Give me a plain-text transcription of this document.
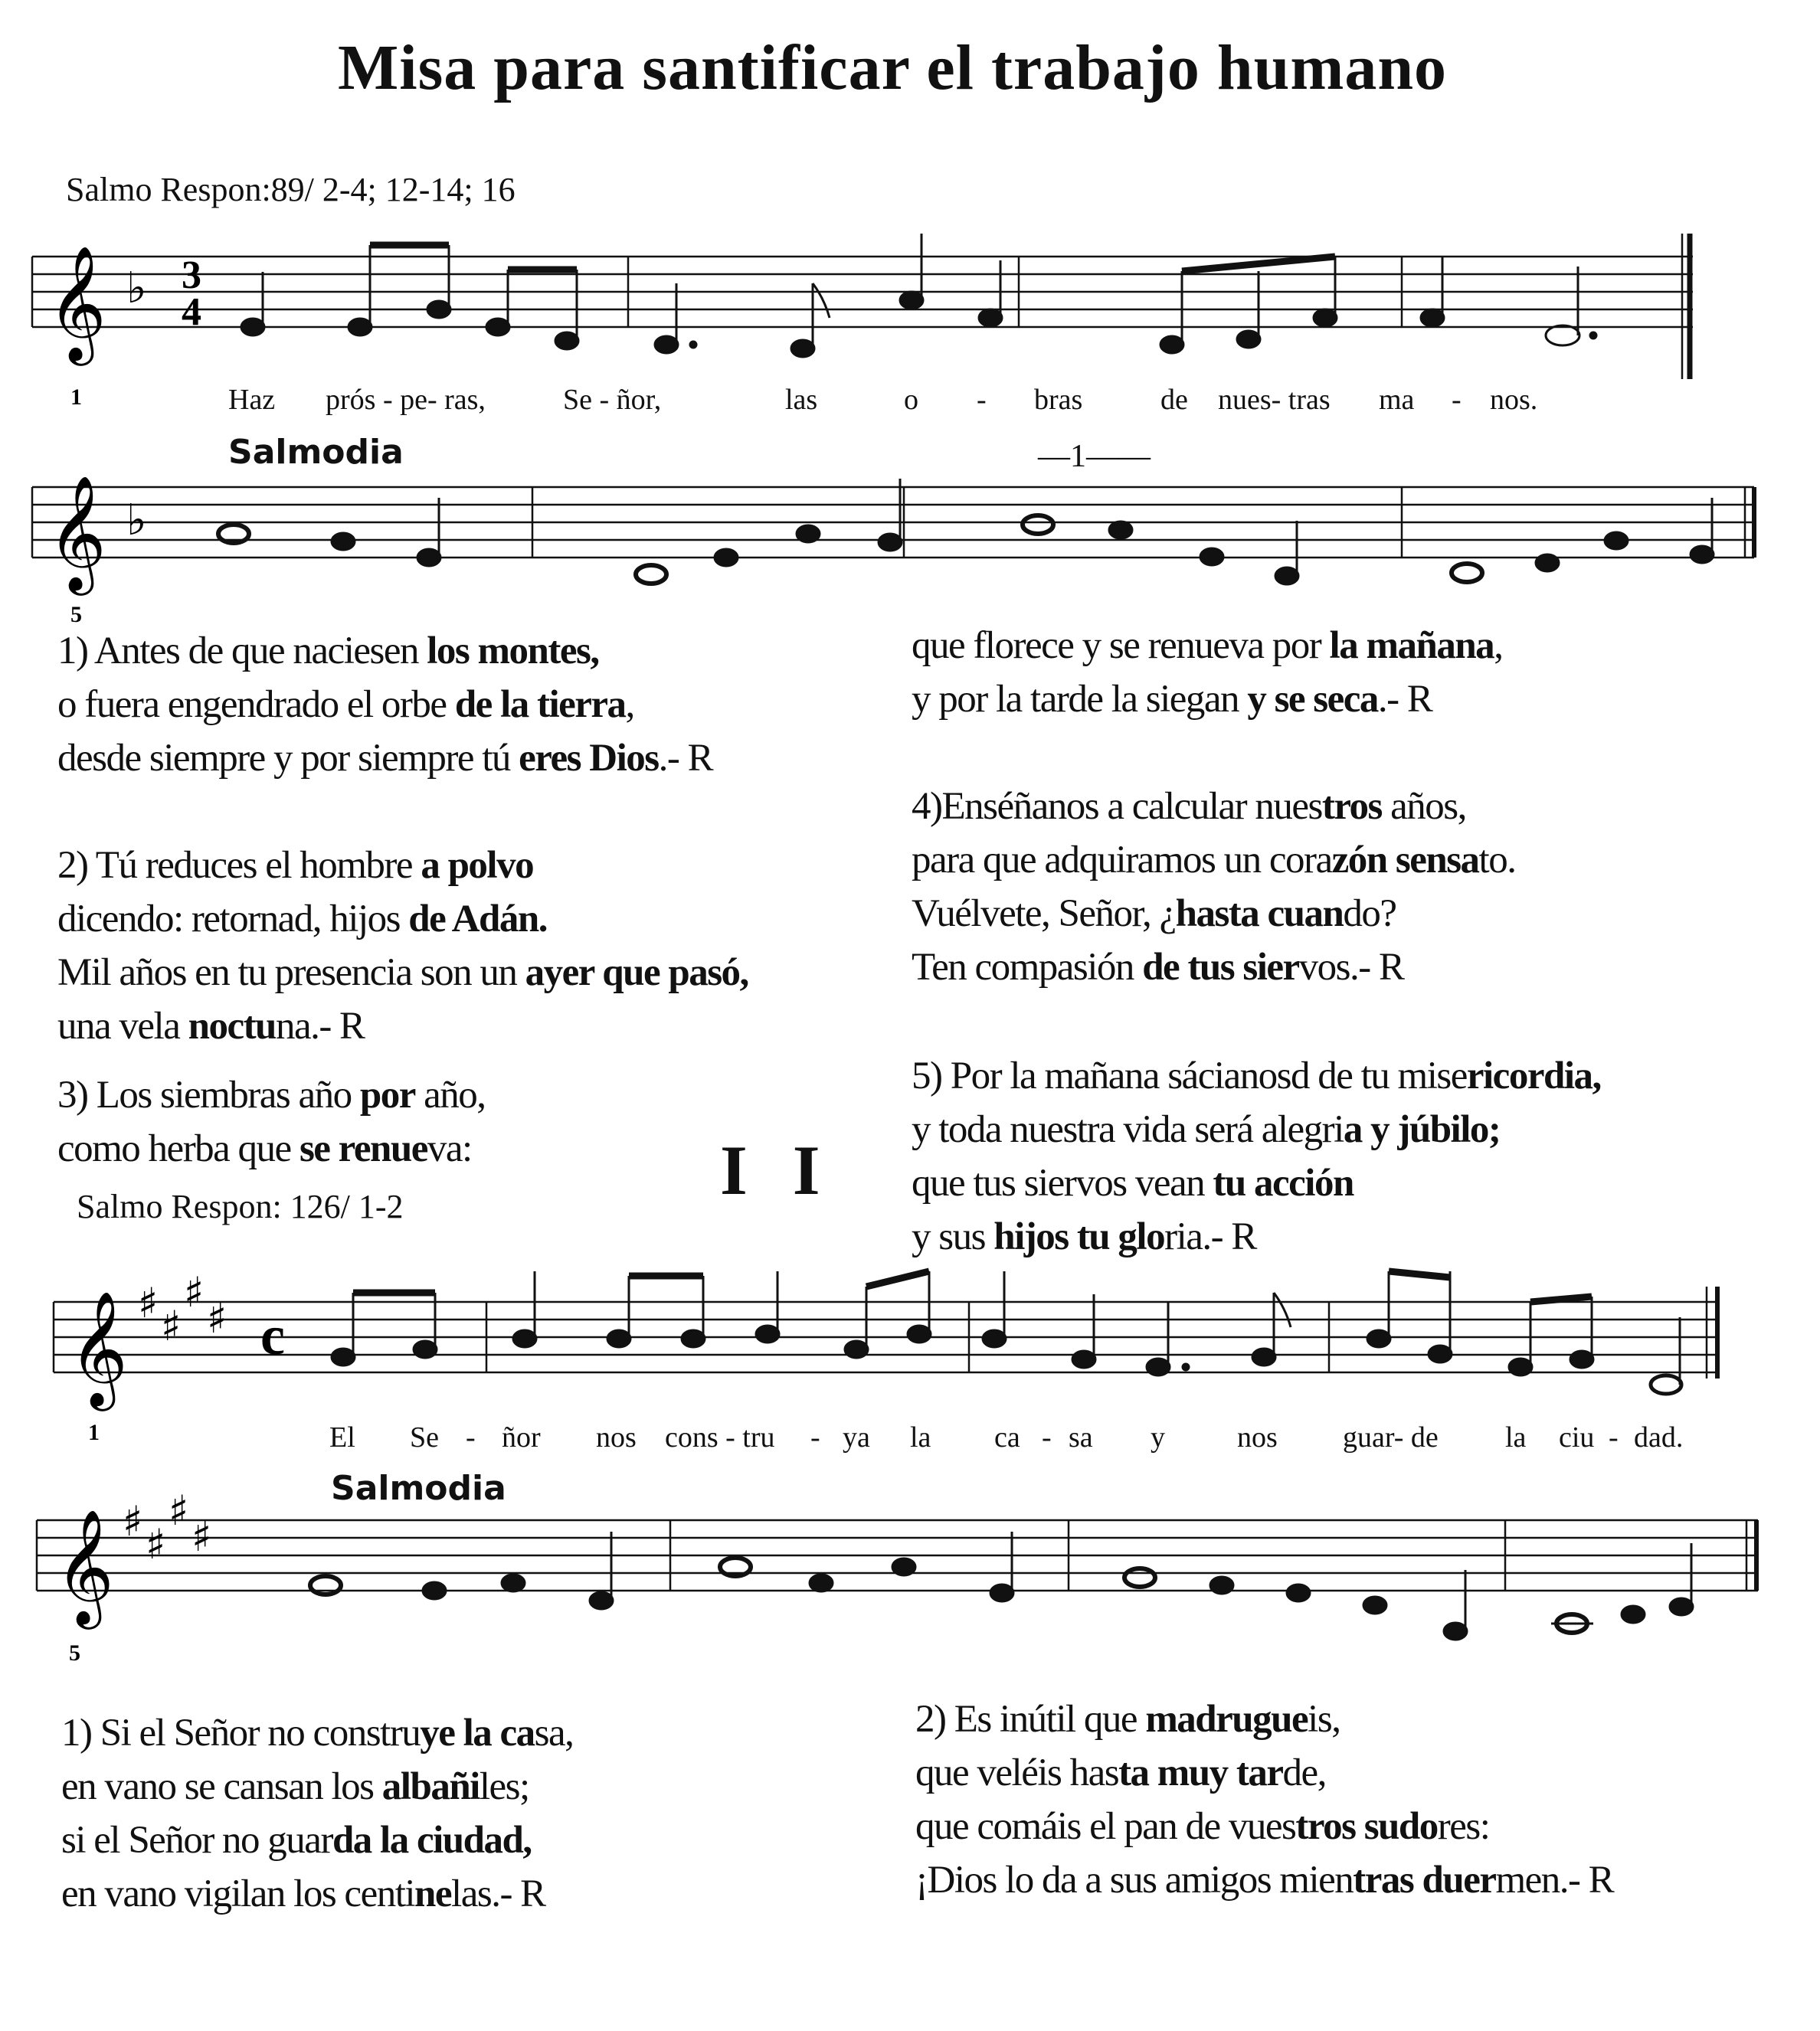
Misa para santificar el trabajo humano
Salmo Respon:89/ 2-4; 12-14; 16
𝄞 ♭ 3
4
1	Haz prós - pe- ras,	Se - ñor,	las	o - bras	de nues- tras ma - nos.
Salmodia	—1——
𝄞 ♭
5
1) Antes de que naciesen los montes,
o fuera engendrado el orbe de la tierra,
desde siempre y por siempre tú eres Dios.- R
2) Tú reduces el hombre a polvo
dicendo: retornad, hijos de Adán.
Mil años en tu presencia son un ayer que pasó,
una vela noctuna.- R
3) Los siembras año por año,
como herba que se renueva:
que florece y se renueva por la mañana,
y por la tarde la siegan y se seca.- R
4)Enséñanos a calcular nuestros años,
para que adquiramos un corazón sensato.
Vuélvete, Señor, ¿hasta cuando?
Ten compasión de tus siervos.- R
5) Por la mañana sácianosd de tu misericordia,
y toda nuestra vida será alegria y júbilo;
que tus siervos vean tu acción
y sus hijos tu gloria.- R
I I
Salmo Respon: 126/ 1-2
𝄞 ♯ ♯
♯
♯ c
1	El Se - ñor nos cons - tru - ya la ca - sa y nos guar- de la ciu - dad.
Salmodia
𝄞 ♯ ♯
♯
♯
5
1) Si el Señor no construye la casa,
en vano se cansan los albañiles;
si el Señor no guarda la ciudad,
en vano vigilan los centinelas.- R
2) Es inútil que madrugueis,
que veléis hasta muy tarde,
que comáis el pan de vuestros sudores:
¡Dios lo da a sus amigos mientras duermen.- R
